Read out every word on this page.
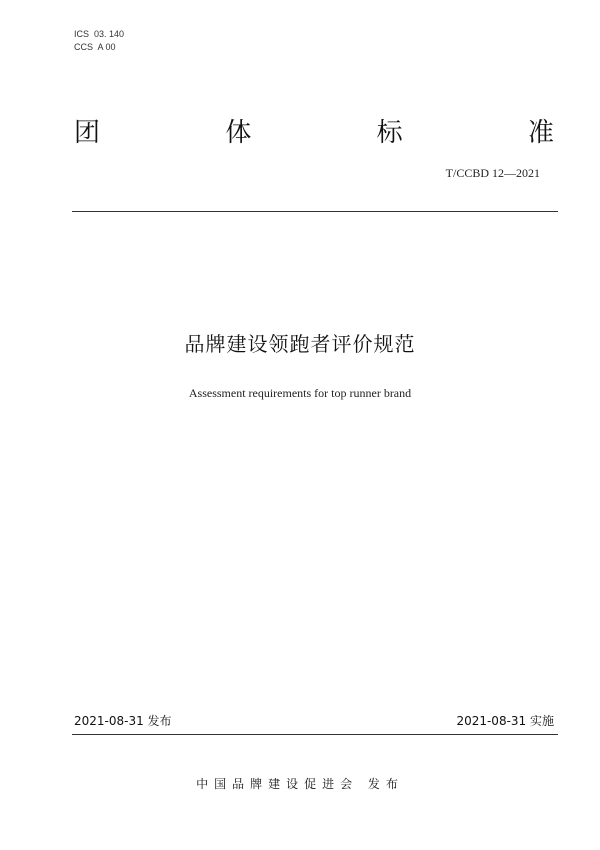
ICS  03. 140
CCS  A 00
团	体	标	准
T/CCBD 12—2021
品牌建设领跑者评价规范
Assessment requirements for top runner brand
2021-08-31 发布	2021-08-31 实施
中国品牌建设促进会 发布
